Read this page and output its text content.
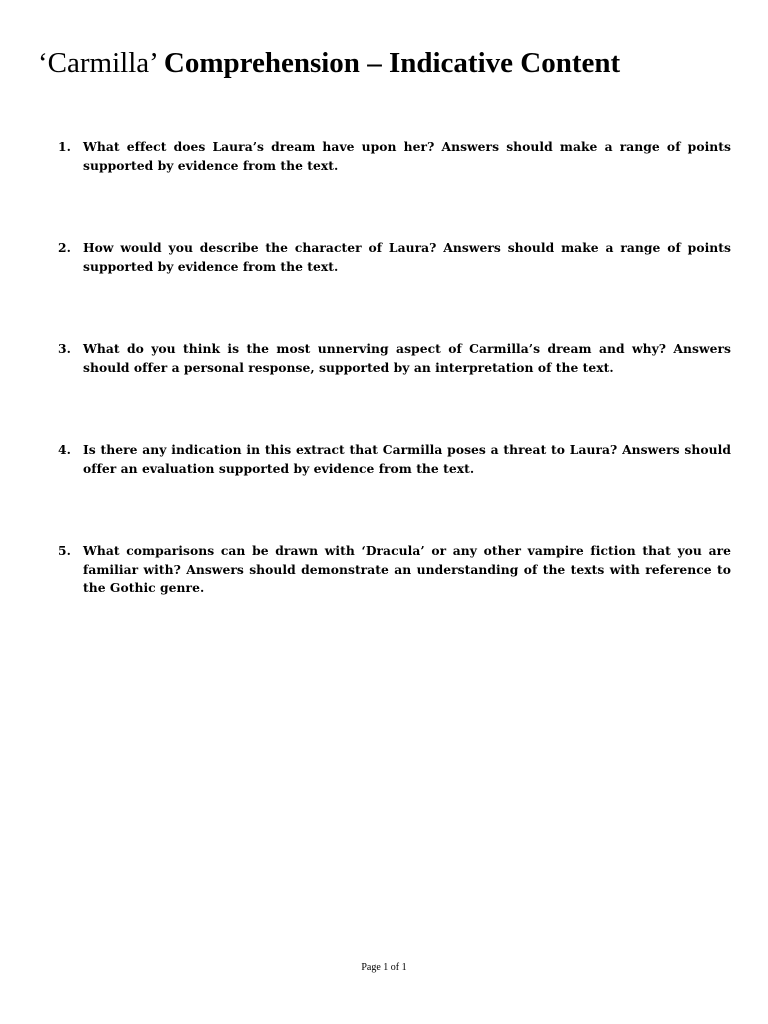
‘Carmilla’ Comprehension – Indicative Content
1. What effect does Laura’s dream have upon her? Answers should make a range of points supported by evidence from the text.
2. How would you describe the character of Laura? Answers should make a range of points supported by evidence from the text.
3. What do you think is the most unnerving aspect of Carmilla’s dream and why? Answers should offer a personal response, supported by an interpretation of the text.
4. Is there any indication in this extract that Carmilla poses a threat to Laura? Answers should offer an evaluation supported by evidence from the text.
5. What comparisons can be drawn with ‘Dracula’ or any other vampire fiction that you are familiar with? Answers should demonstrate an understanding of the texts with reference to the Gothic genre.
Page 1 of 1
